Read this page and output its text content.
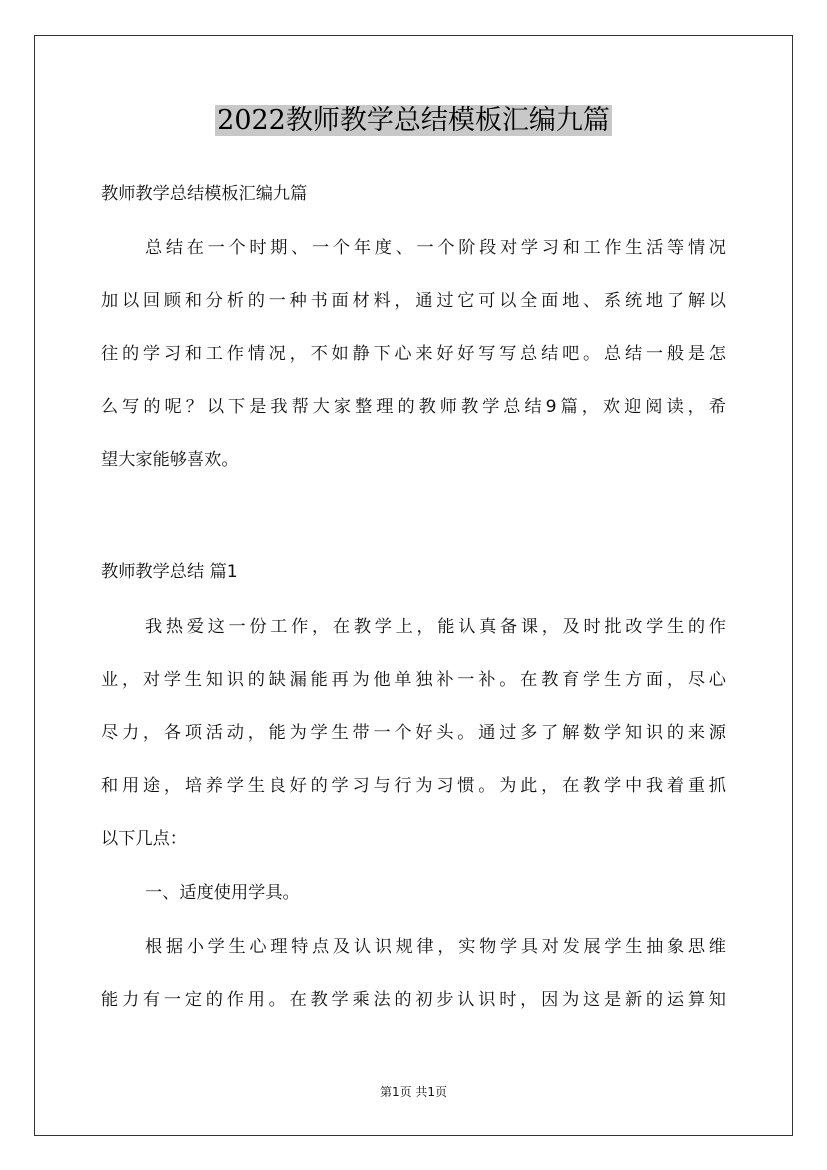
2022教师教学总结模板汇编九篇
教师教学总结模板汇编九篇
总结在一个时期、一个年度、一个阶段对学习和工作生活等情况
加以回顾和分析的一种书面材料，通过它可以全面地、系统地了解以
往的学习和工作情况，不如静下心来好好写写总结吧。总结一般是怎
么写的呢？以下是我帮大家整理的教师教学总结9篇，欢迎阅读，希
望大家能够喜欢。
教师教学总结 篇1
我热爱这一份工作，在教学上，能认真备课，及时批改学生的作
业，对学生知识的缺漏能再为他单独补一补。在教育学生方面，尽心
尽力，各项活动，能为学生带一个好头。通过多了解数学知识的来源
和用途，培养学生良好的学习与行为习惯。为此，在教学中我着重抓
以下几点：
一、适度使用学具。
根据小学生心理特点及认识规律，实物学具对发展学生抽象思维
能力有一定的作用。在教学乘法的初步认识时，因为这是新的运算知
第1页 共1页
